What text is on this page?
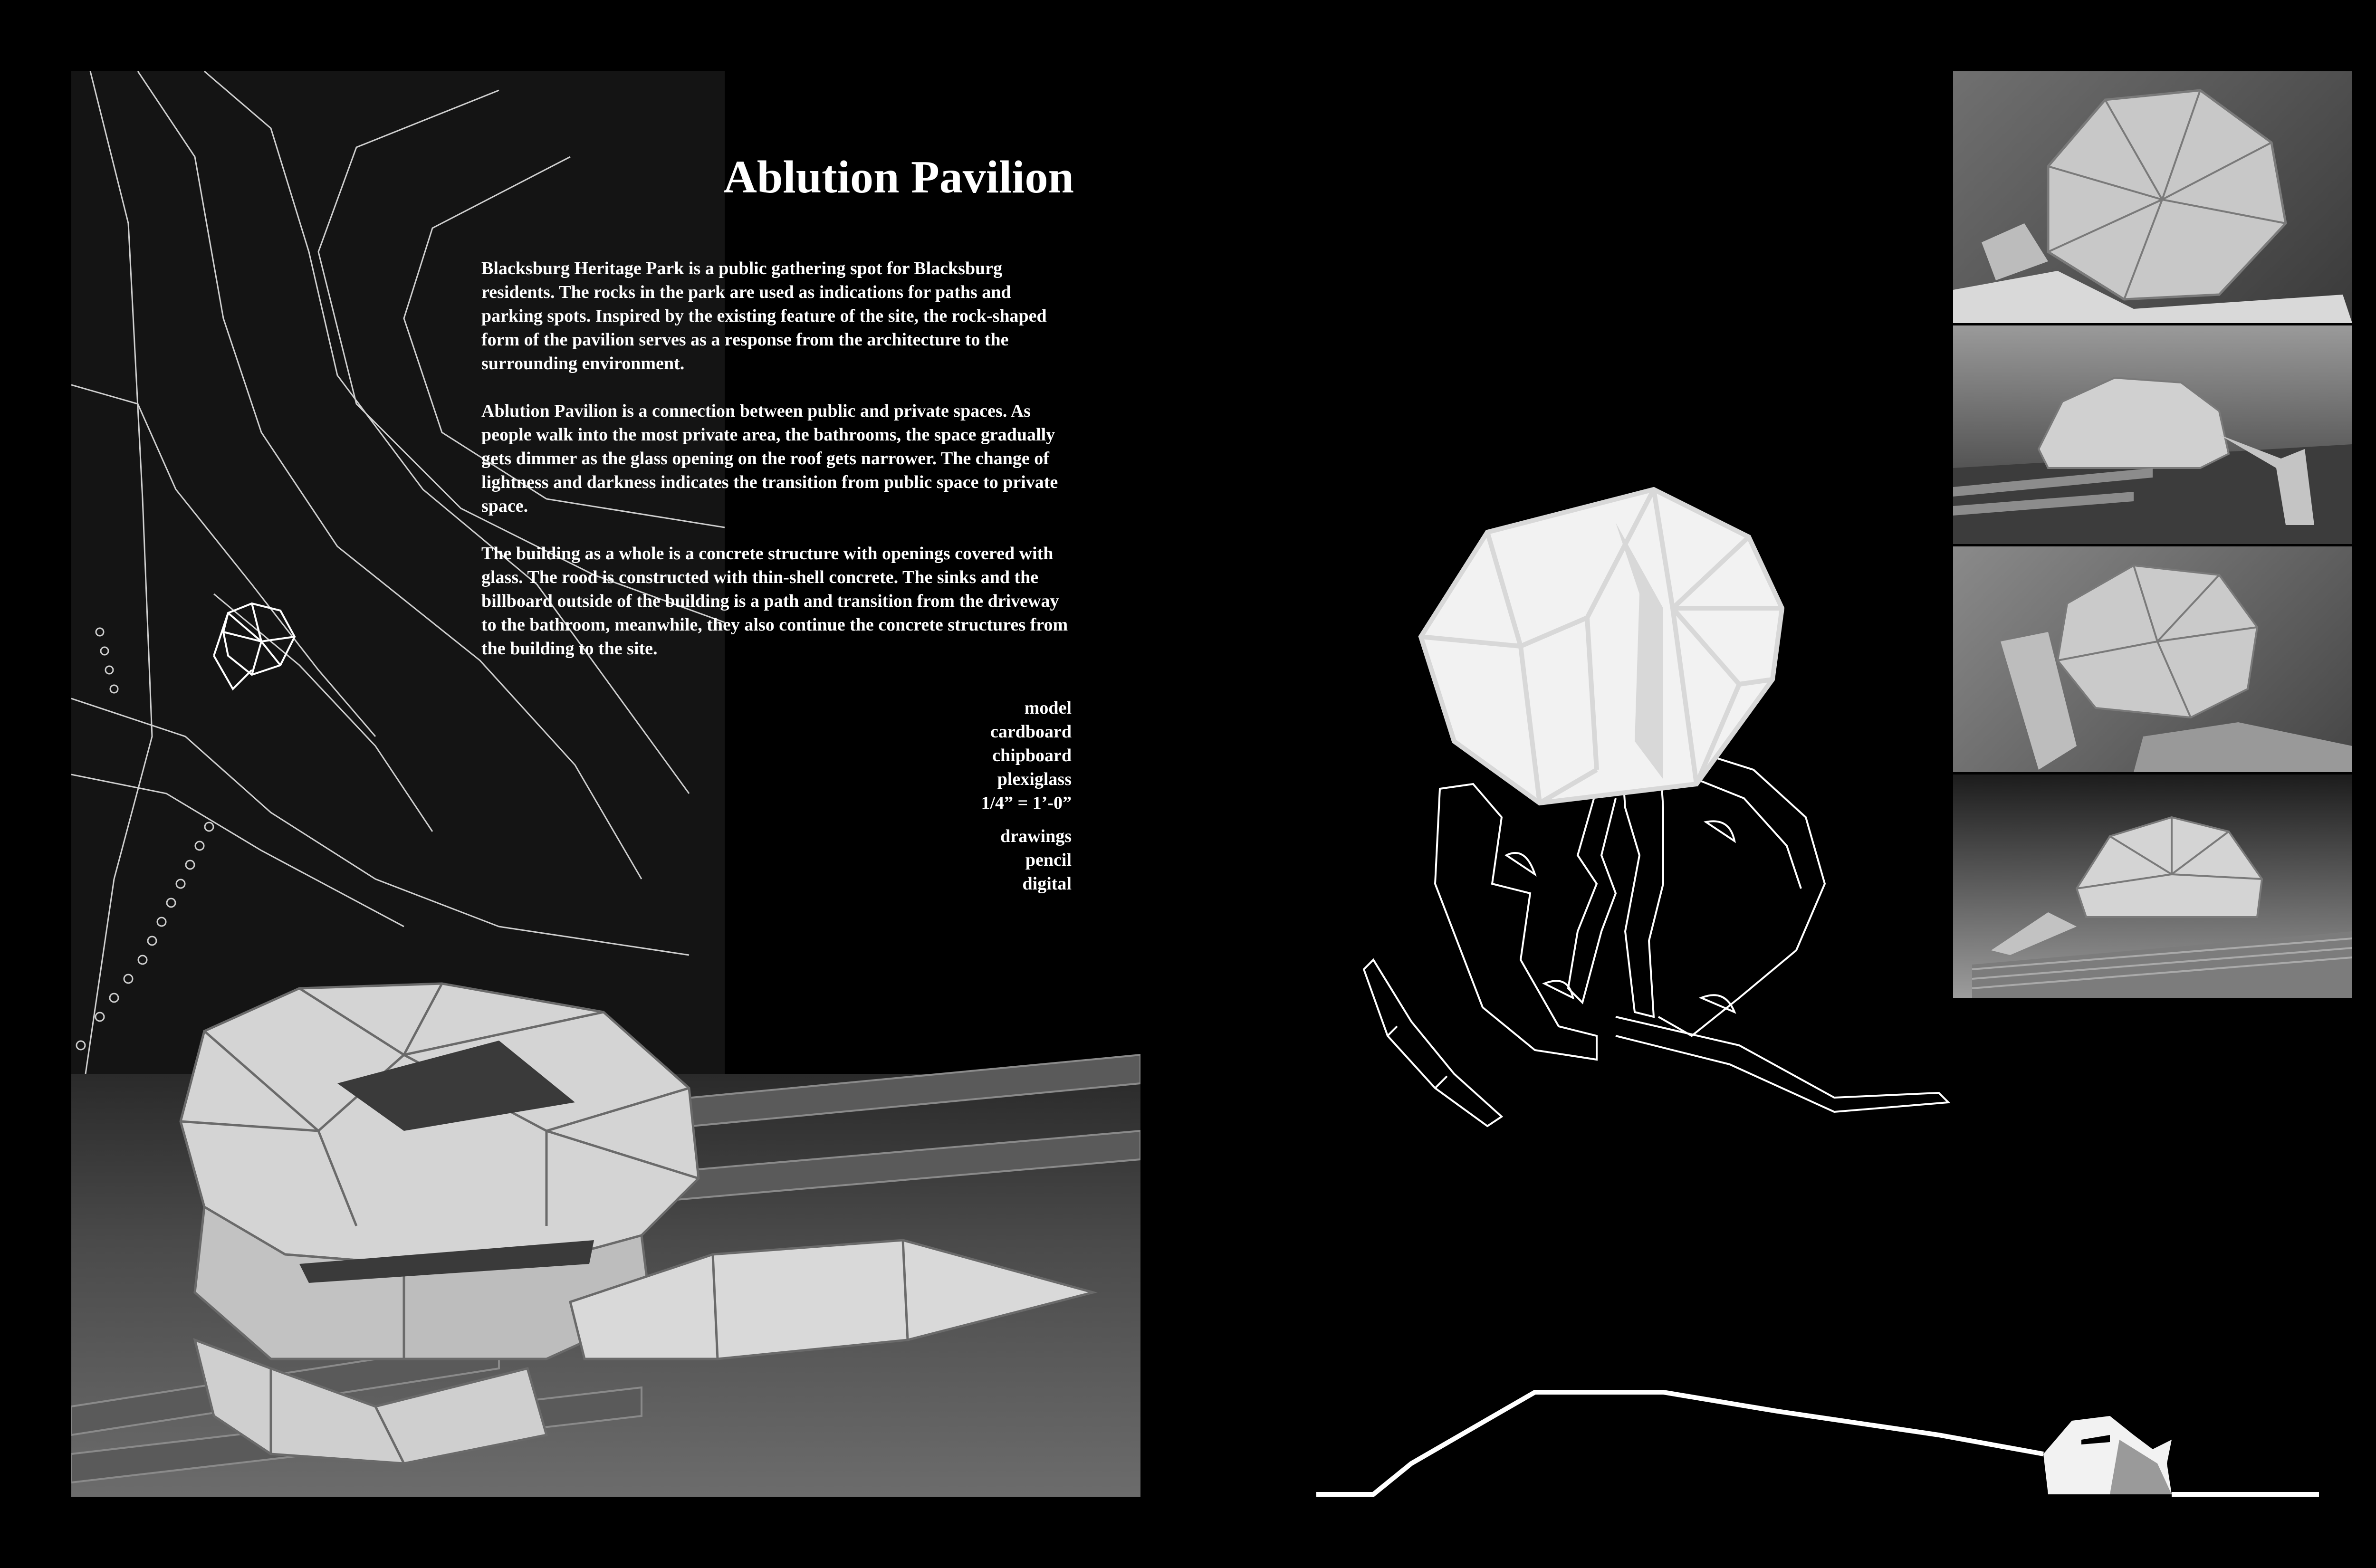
Ablution Pavilion

Blacksburg Heritage Park is a public gathering spot for Blacksburg residents. The rocks in the park are used as indications for paths and parking spots. Inspired by the existing feature of the site, the rock-shaped form of the pavilion serves as a response from the architecture to the surrounding environment.

Ablution Pavilion is a connection between public and private spaces. As people walk into the most private area, the bathrooms, the space gradually gets dimmer as the glass opening on the roof gets narrower. The change of lightness and darkness indicates the transition from public space to private space.

The building as a whole is a concrete structure with openings covered with glass. The rood is constructed with thin-shell concrete. The sinks and the billboard outside of the building is a path and transition from the driveway to the bathroom, meanwhile, they also continue the concrete structures from the building to the site.

model
cardboard
chipboard
plexiglass
1/4” = 1’-0”
drawings
pencil
digital
